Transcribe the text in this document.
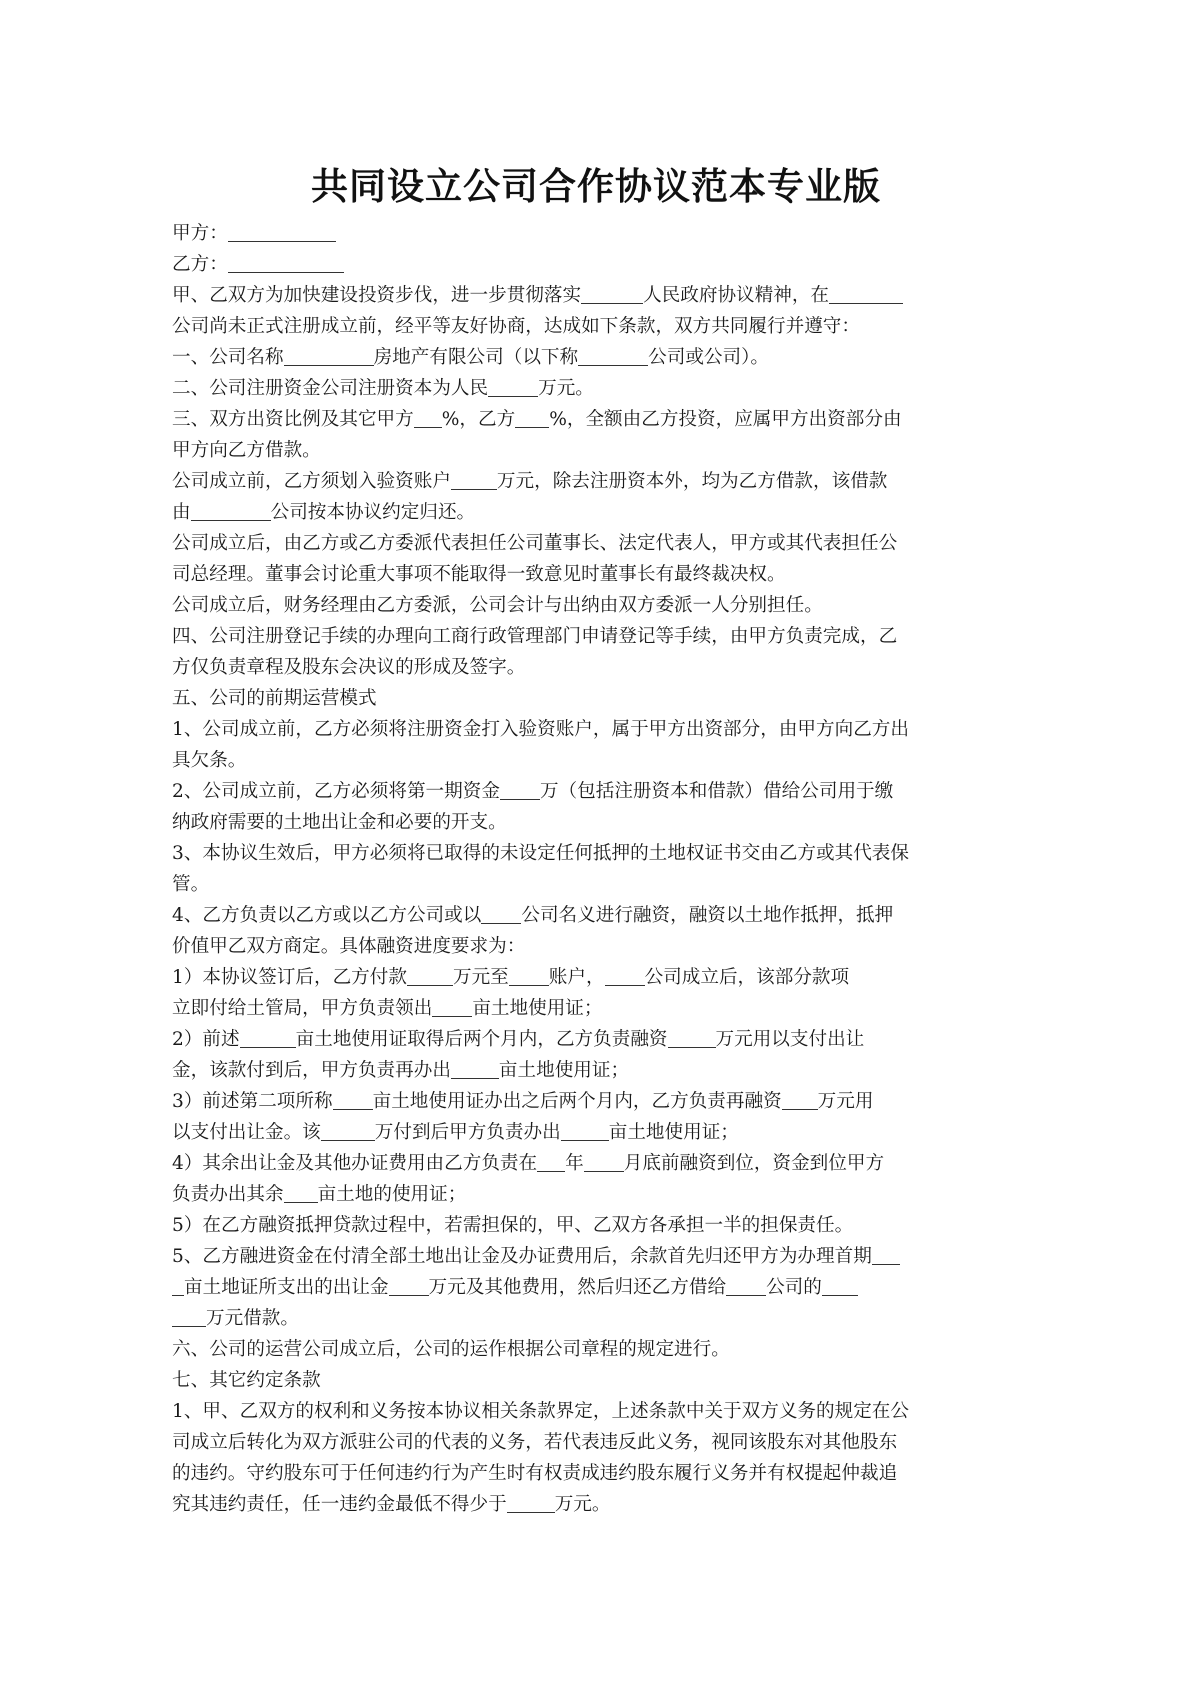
共同设立公司合作协议范本专业版
甲方：
乙方：
甲、乙双方为加快建设投资步伐，进一步贯彻落实	人民政府协议精神，在
公司尚未正式注册成立前，经平等友好协商，达成如下条款，双方共同履行并遵守：
一、公司名称	房地产有限公司（以下称	公司或公司）。
二、公司注册资金公司注册资本为人民	万元。
三、双方出资比例及其它甲方 %，乙方 %，全额由乙方投资，应属甲方出资部分由
甲方向乙方借款。
公司成立前，乙方须划入验资账户 万元，除去注册资本外，均为乙方借款，该借款
由	公司按本协议约定归还。
公司成立后，由乙方或乙方委派代表担任公司董事长、法定代表人，甲方或其代表担任公
司总经理。董事会讨论重大事项不能取得一致意见时董事长有最终裁决权。
公司成立后，财务经理由乙方委派，公司会计与出纳由双方委派一人分别担任。
四、公司注册登记手续的办理向工商行政管理部门申请登记等手续，由甲方负责完成，乙
方仅负责章程及股东会决议的形成及签字。
五、公司的前期运营模式
1、公司成立前，乙方必须将注册资金打入验资账户，属于甲方出资部分，由甲方向乙方出
具欠条。
2、公司成立前，乙方必须将第一期资金 万（包括注册资本和借款）借给公司用于缴
纳政府需要的土地出让金和必要的开支。
3、本协议生效后，甲方必须将已取得的未设定任何抵押的土地权证书交由乙方或其代表保
管。
4、乙方负责以乙方或以乙方公司或以 公司名义进行融资，融资以土地作抵押，抵押
价值甲乙双方商定。具体融资进度要求为：
1）本协议签订后，乙方付款 万元至 账户， 公司成立后，该部分款项
立即付给土管局，甲方负责领出 亩土地使用证；
2）前述	亩土地使用证取得后两个月内，乙方负责融资	万元用以支付出让
金，该款付到后，甲方负责再办出	亩土地使用证；
3）前述第二项所称 亩土地使用证办出之后两个月内，乙方负责再融资 万元用
以支付出让金。该	万付到后甲方负责办出	亩土地使用证；
4）其余出让金及其他办证费用由乙方负责在 年 月底前融资到位，资金到位甲方
负责办出其余 亩土地的使用证；
5）在乙方融资抵押贷款过程中，若需担保的，甲、乙双方各承担一半的担保责任。
5、乙方融进资金在付清全部土地出让金及办证费用后，余款首先归还甲方为办理首期
亩土地证所支出的出让金 万元及其他费用，然后归还乙方借给 公司的
万元借款。
六、公司的运营公司成立后，公司的运作根据公司章程的规定进行。
七、其它约定条款
1、甲、乙双方的权利和义务按本协议相关条款界定，上述条款中关于双方义务的规定在公
司成立后转化为双方派驻公司的代表的义务，若代表违反此义务，视同该股东对其他股东
的违约。守约股东可于任何违约行为产生时有权责成违约股东履行义务并有权提起仲裁追
究其违约责任，任一违约金最低不得少于	万元。
